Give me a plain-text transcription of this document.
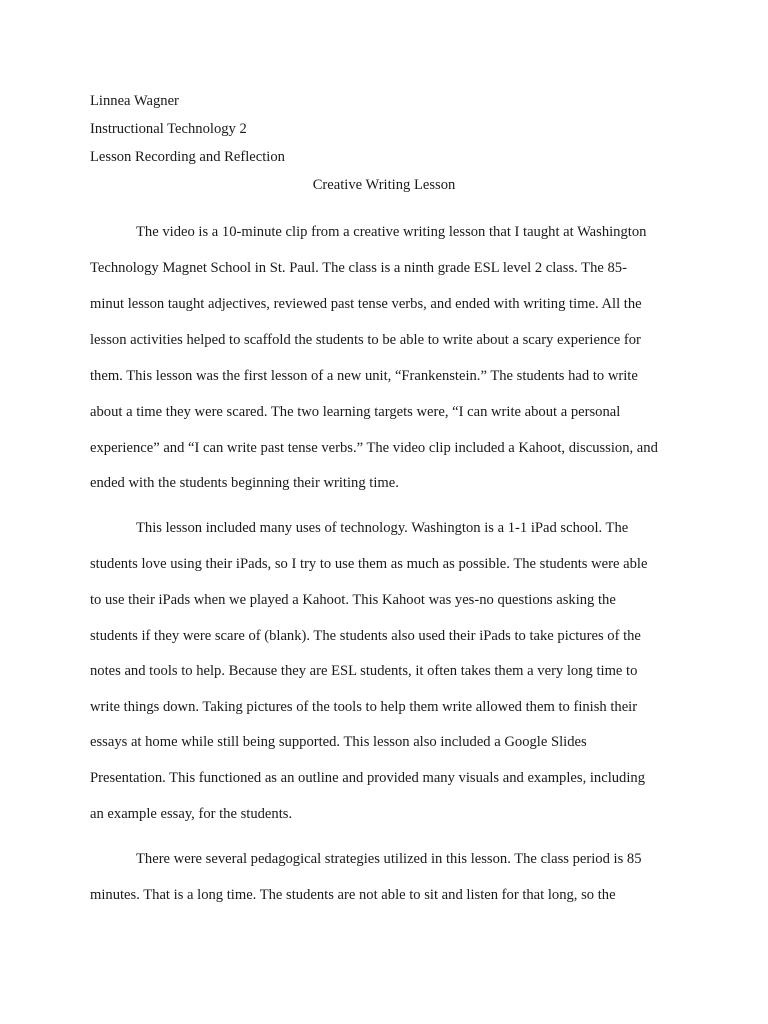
Linnea Wagner
Instructional Technology 2
Lesson Recording and Reflection
Creative Writing Lesson
The video is a 10-minute clip from a creative writing lesson that I taught at Washington
Technology Magnet School in St. Paul. The class is a ninth grade ESL level 2 class. The 85-
minut lesson taught adjectives, reviewed past tense verbs, and ended with writing time. All the
lesson activities helped to scaffold the students to be able to write about a scary experience for
them. This lesson was the first lesson of a new unit, “Frankenstein.” The students had to write
about a time they were scared. The two learning targets were, “I can write about a personal
experience” and “I can write past tense verbs.” The video clip included a Kahoot, discussion, and
ended with the students beginning their writing time.
This lesson included many uses of technology. Washington is a 1-1 iPad school. The
students love using their iPads, so I try to use them as much as possible. The students were able
to use their iPads when we played a Kahoot. This Kahoot was yes-no questions asking the
students if they were scare of (blank). The students also used their iPads to take pictures of the
notes and tools to help. Because they are ESL students, it often takes them a very long time to
write things down. Taking pictures of the tools to help them write allowed them to finish their
essays at home while still being supported. This lesson also included a Google Slides
Presentation. This functioned as an outline and provided many visuals and examples, including
an example essay, for the students.
There were several pedagogical strategies utilized in this lesson. The class period is 85
minutes. That is a long time. The students are not able to sit and listen for that long, so the
